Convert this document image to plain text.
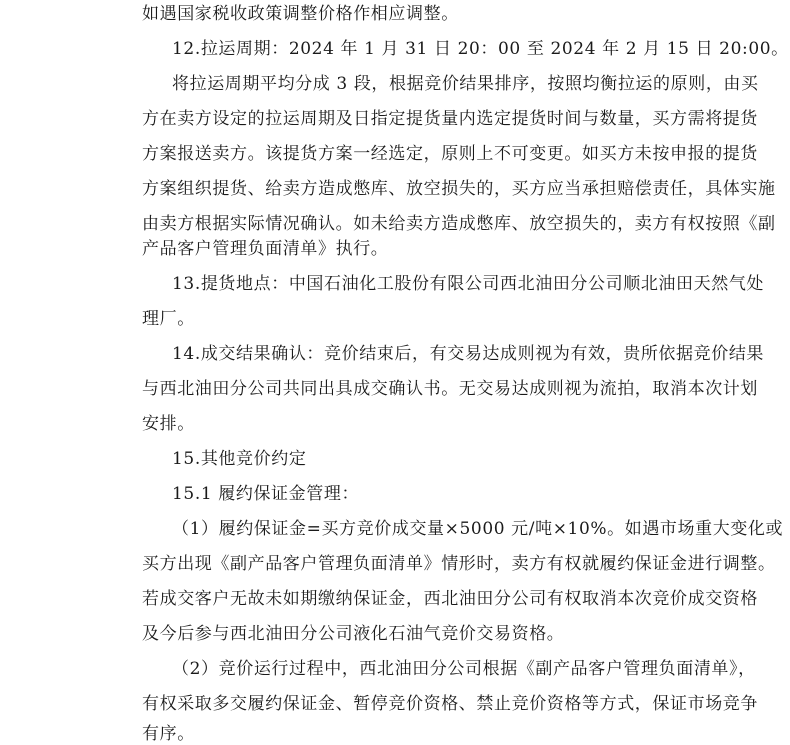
如遇国家税收政策调整价格作相应调整。
12.拉运周期：2024 年 1 月 31 日 20：00 至 2024 年 2 月 15 日 20:00。
将拉运周期平均分成 3 段，根据竞价结果排序，按照均衡拉运的原则，由买
方在卖方设定的拉运周期及日指定提货量内选定提货时间与数量，买方需将提货
方案报送卖方。该提货方案一经选定，原则上不可变更。如买方未按申报的提货
方案组织提货、给卖方造成憋库、放空损失的，买方应当承担赔偿责任，具体实施
由卖方根据实际情况确认。如未给卖方造成憋库、放空损失的，卖方有权按照《副
产品客户管理负面清单》执行。
13.提货地点：中国石油化工股份有限公司西北油田分公司顺北油田天然气处
理厂。
14.成交结果确认：竞价结束后，有交易达成则视为有效，贵所依据竞价结果
与西北油田分公司共同出具成交确认书。无交易达成则视为流拍，取消本次计划
安排。
15.其他竞价约定
15.1 履约保证金管理：
（1）履约保证金=买方竞价成交量×5000 元/吨×10%。如遇市场重大变化或
买方出现《副产品客户管理负面清单》情形时，卖方有权就履约保证金进行调整。
若成交客户无故未如期缴纳保证金，西北油田分公司有权取消本次竞价成交资格
及今后参与西北油田分公司液化石油气竞价交易资格。
（2）竞价运行过程中，西北油田分公司根据《副产品客户管理负面清单》，
有权采取多交履约保证金、暂停竞价资格、禁止竞价资格等方式，保证市场竞争
有序。
